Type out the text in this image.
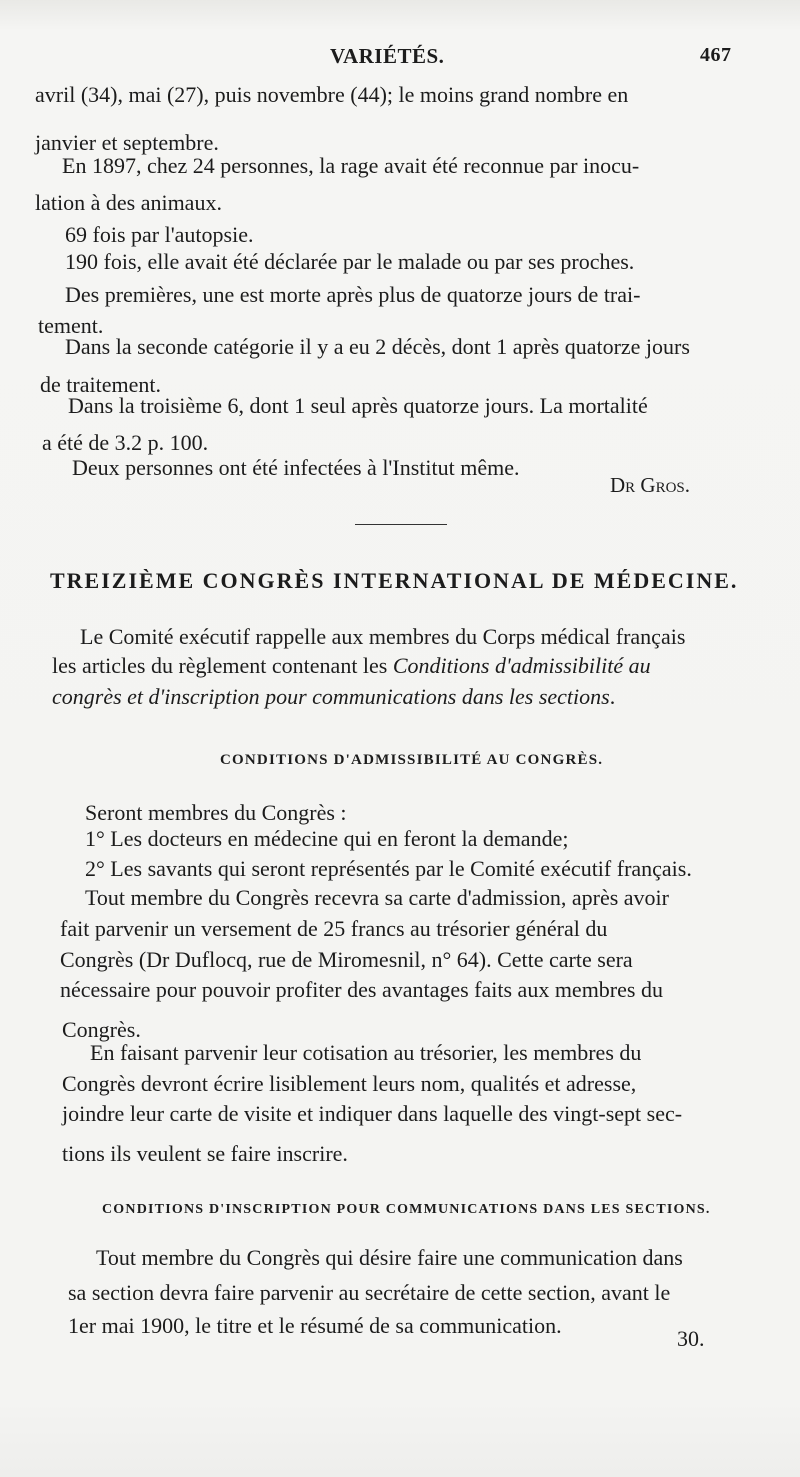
VARIÉTÉS.	467
avril (34), mai (27), puis novembre (44); le moins grand nombre en
janvier et septembre.
En 1897, chez 24 personnes, la rage avait été reconnue par inocu-
lation à des animaux.
69 fois par l'autopsie.
190 fois, elle avait été déclarée par le malade ou par ses proches.
Des premières, une est morte après plus de quatorze jours de trai-
tement.
Dans la seconde catégorie il y a eu 2 décès, dont 1 après quatorze jours
de traitement.
Dans la troisième 6, dont 1 seul après quatorze jours. La mortalité
a été de 3.2 p. 100.
Deux personnes ont été infectées à l'Institut même.
Dr Gros.
TREIZIÈME CONGRÈS INTERNATIONAL DE MÉDECINE.
Le Comité exécutif rappelle aux membres du Corps médical français
les articles du règlement contenant les Conditions d'admissibilité au
congrès et d'inscription pour communications dans les sections.
CONDITIONS D'ADMISSIBILITÉ AU CONGRÈS.
Seront membres du Congrès :
1° Les docteurs en médecine qui en feront la demande;
2° Les savants qui seront représentés par le Comité exécutif français.
Tout membre du Congrès recevra sa carte d'admission, après avoir
fait parvenir un versement de 25 francs au trésorier général du
Congrès (Dr Duflocq, rue de Miromesnil, n° 64). Cette carte sera
nécessaire pour pouvoir profiter des avantages faits aux membres du
Congrès.
En faisant parvenir leur cotisation au trésorier, les membres du
Congrès devront écrire lisiblement leurs nom, qualités et adresse,
joindre leur carte de visite et indiquer dans laquelle des vingt-sept sec-
tions ils veulent se faire inscrire.
CONDITIONS D'INSCRIPTION POUR COMMUNICATIONS DANS LES SECTIONS.
Tout membre du Congrès qui désire faire une communication dans
sa section devra faire parvenir au secrétaire de cette section, avant le
1er mai 1900, le titre et le résumé de sa communication.
30.
